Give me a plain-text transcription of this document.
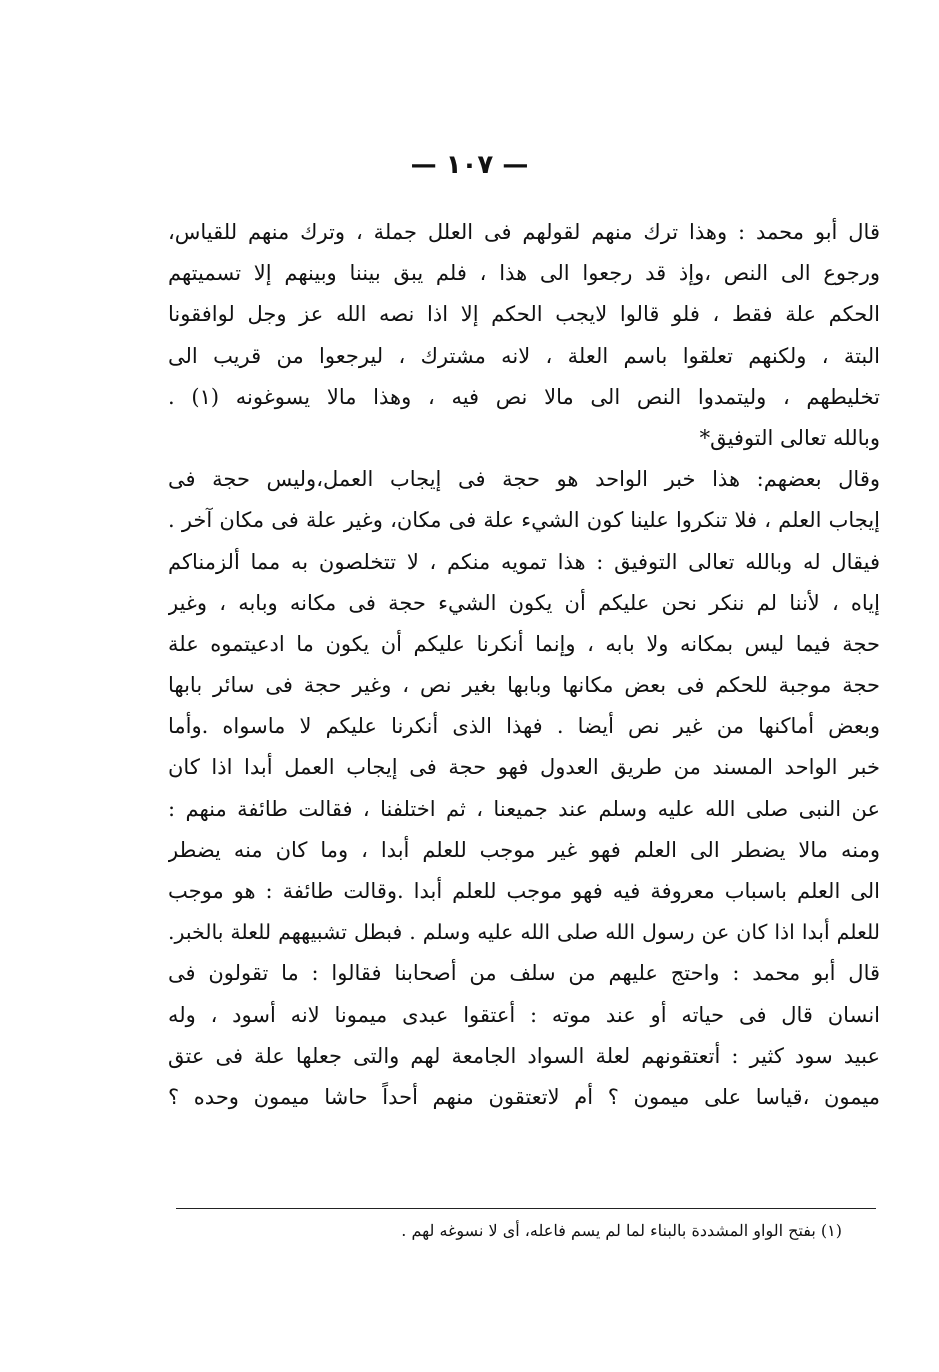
— ١٠٧ —
قال أبو محمد : وهذا ترك منهم لقولهم فى العلل جملة ، وترك منهم للقياس،
ورجوع الى النص ،وإذ قد رجعوا الى هذا ، فلم يبق بيننا وبينهم إلا تسميتهم
الحكم علة فقط ، فلو قالوا لايجب الحكم إلا اذا نصه الله عز وجل لوافقونا
البتة ، ولكنهم تعلقوا باسم العلة ، لانه مشترك ، ليرجعوا من قريب الى
تخليطهم ، وليتمدوا النص الى مالا نص فيه ، وهذا مالا يسوغونه (١) .
وبالله تعالى التوفيق*
وقال بعضهم: هذا خبر الواحد هو حجة فى إيجاب العمل،وليس حجة فى
إيجاب العلم ، فلا تنكروا علينا كون الشيء علة فى مكان، وغير علة فى مكان آخر .
فيقال له وبالله تعالى التوفيق : هذا تمويه منكم ، لا تتخلصون به مما ألزمناكم
إياه ، لأننا لم ننكر نحن عليكم أن يكون الشيء حجة فى مكانه وبابه ، وغير
حجة فيما ليس بمكانه ولا بابه ، وإنما أنكرنا عليكم أن يكون ما ادعيتموه علة
حجة موجبة للحكم فى بعض مكانها وبابها بغير نص ، وغير حجة فى سائر بابها
وبعض أماكنها من غير نص أيضا . فهذا الذى أنكرنا عليكم لا ماسواه .وأما
خبر الواحد المسند من طريق العدول فهو حجة فى إيجاب العمل أبدا اذا كان
عن النبى صلى الله عليه وسلم عند جميعنا ، ثم اختلفنا ، فقالت طائفة منهم :
ومنه مالا يضطر الى العلم فهو غير موجب للعلم أبدا ، وما كان منه يضطر
الى العلم باسباب معروفة فيه فهو موجب للعلم أبدا .وقالت طائفة : هو موجب
للعلم أبدا اذا كان عن رسول الله صلى الله عليه وسلم . فبطل تشبيههم للعلة بالخبر.
قال أبو محمد : واحتج عليهم من سلف من أصحابنا فقالوا : ما تقولون فى
انسان قال فى حياته أو عند موته : أعتقوا عبدى ميمونا لانه أسود ، وله
عبيد سود كثير : أتعتقونهم لعلة السواد الجامعة لهم والتى جعلها علة فى عتق
ميمون ،قياسا على ميمون ؟ أم لاتعتقون منهم أحداً حاشا ميمون وحده ؟
(١) بفتح الواو المشددة بالبناء لما لم يسم فاعله، أى لا نسوغه لهم .
